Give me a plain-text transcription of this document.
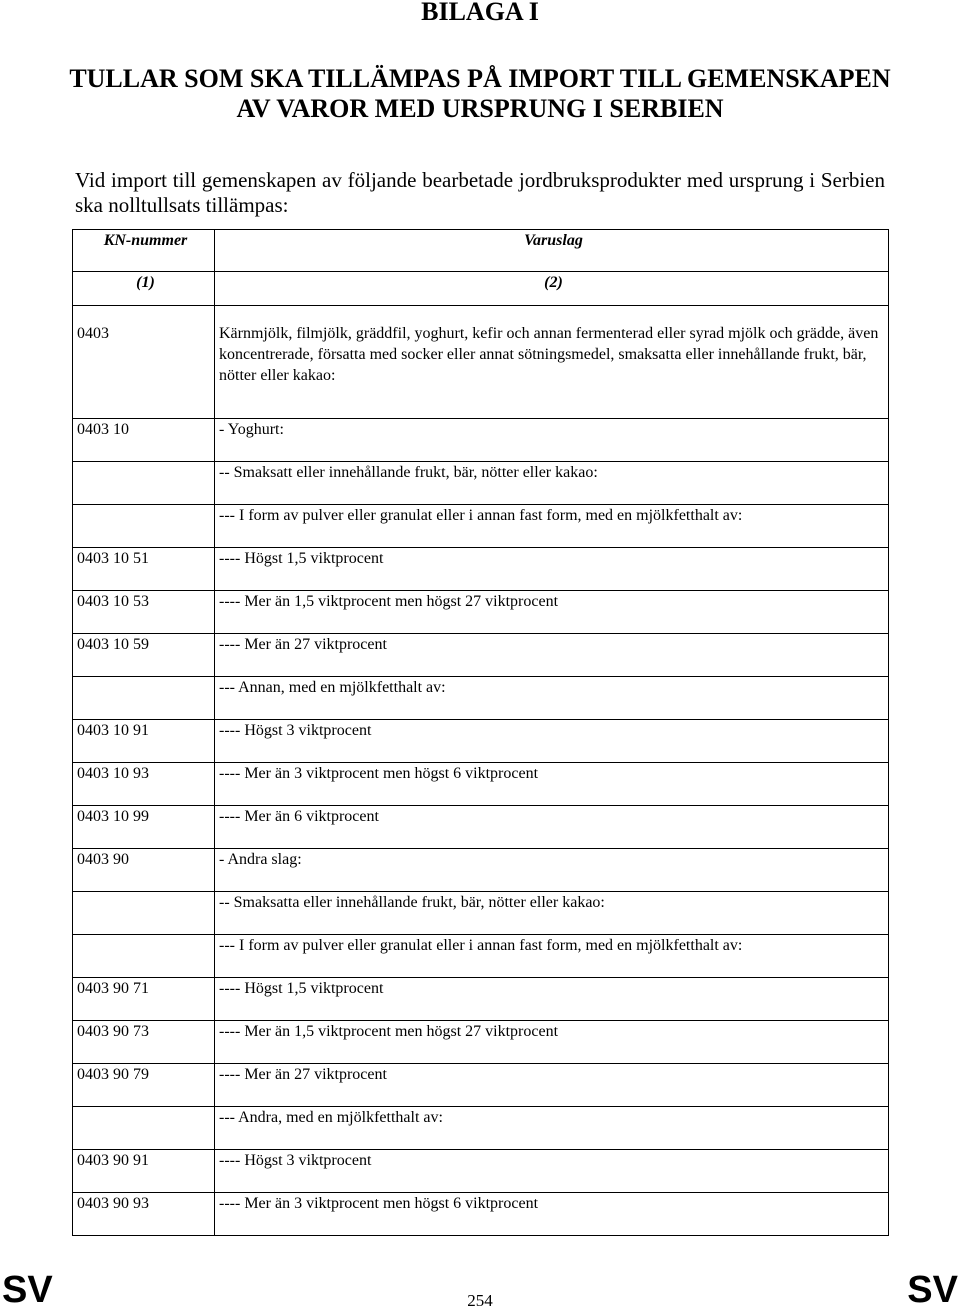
BILAGA I
TULLAR SOM SKA TILLÄMPAS PÅ IMPORT TILL GEMENSKAPEN
AV VAROR MED URSPRUNG I SERBIEN
Vid import till gemenskapen av följande bearbetade jordbruksprodukter med ursprung i Serbien ska nolltullsats tillämpas:
KN-nummer	Varuslag
(1)	(2)
0403	Kärnmjölk, filmjölk, gräddfil, yoghurt, kefir och annan fermenterad eller syrad mjölk och grädde, även koncentrerade, försatta med socker eller annat sötningsmedel, smaksatta eller innehållande frukt, bär, nötter eller kakao:
0403 10	- Yoghurt:
	-- Smaksatt eller innehållande frukt, bär, nötter eller kakao:
	--- I form av pulver eller granulat eller i annan fast form, med en mjölkfetthalt av:
0403 10 51	---- Högst 1,5 viktprocent
0403 10 53	---- Mer än 1,5 viktprocent men högst 27 viktprocent
0403 10 59	---- Mer än 27 viktprocent
	--- Annan, med en mjölkfetthalt av:
0403 10 91	---- Högst 3 viktprocent
0403 10 93	---- Mer än 3 viktprocent men högst 6 viktprocent
0403 10 99	---- Mer än 6 viktprocent
0403 90	- Andra slag:
	-- Smaksatta eller innehållande frukt, bär, nötter eller kakao:
	--- I form av pulver eller granulat eller i annan fast form, med en mjölkfetthalt av:
0403 90 71	---- Högst 1,5 viktprocent
0403 90 73	---- Mer än 1,5 viktprocent men högst 27 viktprocent
0403 90 79	---- Mer än 27 viktprocent
	--- Andra, med en mjölkfetthalt av:
0403 90 91	---- Högst 3 viktprocent
0403 90 93	---- Mer än 3 viktprocent men högst 6 viktprocent
SV	254	SV
